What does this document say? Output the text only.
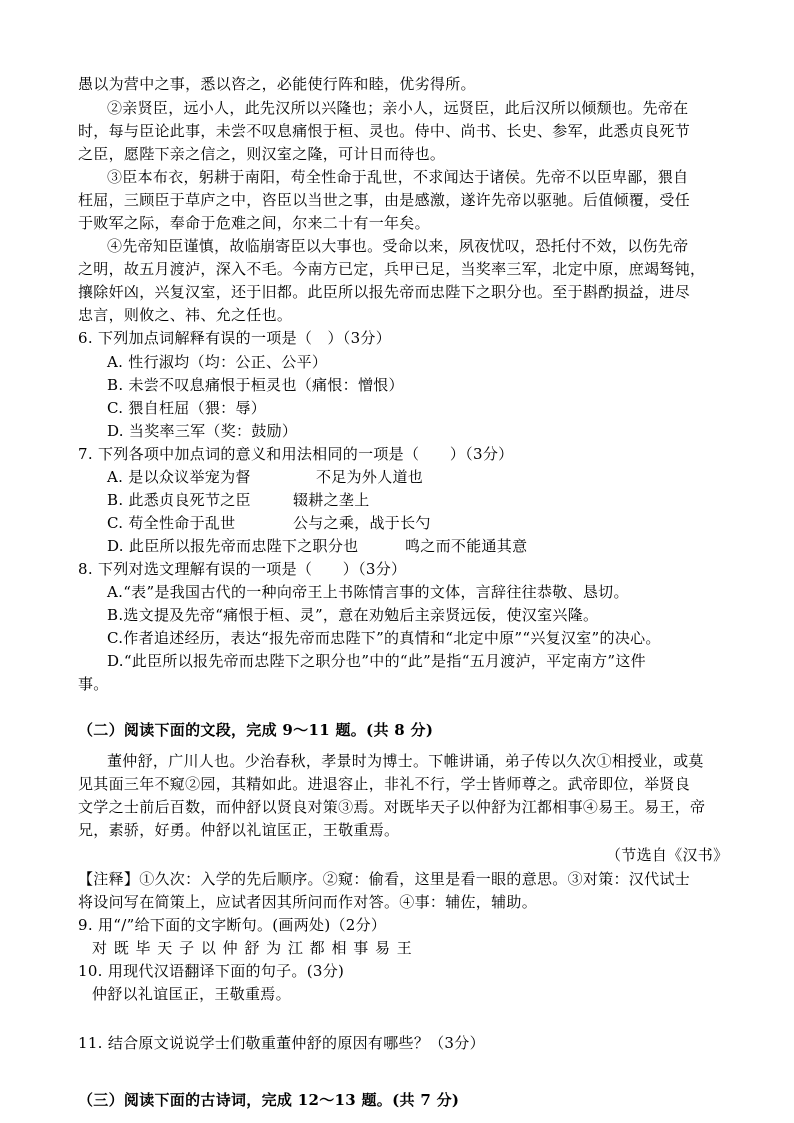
愚以为营中之事，悉以咨之，必能使行阵和睦，优劣得所。
②亲贤臣，远小人，此先汉所以兴隆也；亲小人，远贤臣，此后汉所以倾颓也。先帝在
时，每与臣论此事，未尝不叹息痛恨于桓、灵也。侍中、尚书、长史、参军，此悉贞良死节
之臣，愿陛下亲之信之，则汉室之隆，可计日而待也。
③臣本布衣，躬耕于南阳，苟全性命于乱世，不求闻达于诸侯。先帝不以臣卑鄙，猥自
枉屈，三顾臣于草庐之中，咨臣以当世之事，由是感激，遂许先帝以驱驰。后值倾覆，受任
于败军之际，奉命于危难之间，尔来二十有一年矣。
④先帝知臣谨慎，故临崩寄臣以大事也。受命以来，夙夜忧叹，恐托付不效，以伤先帝
之明，故五月渡泸，深入不毛。今南方已定，兵甲已足，当奖率三军，北定中原，庶竭驽钝，
攘除奸凶，兴复汉室，还于旧都。此臣所以报先帝而忠陛下之职分也。至于斟酌损益，进尽
忠言，则攸之、祎、允之任也。
6. 下列加点词解释有误的一项是（　）（3分）
A. 性行淑均（均：公正、公平）
B. 未尝不叹息痛恨于桓灵也（痛恨：憎恨）
C. 猥自枉屈（猥：辱）
D. 当奖率三军（奖：鼓励）
7. 下列各项中加点词的意义和用法相同的一项是（　　）（3分）
A. 是以众议举宠为督	不足为外人道也
B. 此悉贞良死节之臣	辍耕之垄上
C. 苟全性命于乱世	公与之乘，战于长勺
D. 此臣所以报先帝而忠陛下之职分也	鸣之而不能通其意
8. 下列对选文理解有误的一项是（　　）（3分）
A.“表”是我国古代的一种向帝王上书陈情言事的文体，言辞往往恭敬、恳切。
B.选文提及先帝“痛恨于桓、灵”，意在劝勉后主亲贤远佞，使汉室兴隆。
C.作者追述经历，表达“报先帝而忠陛下”的真情和“北定中原”“兴复汉室”的决心。
D.“此臣所以报先帝而忠陛下之职分也”中的“此”是指“五月渡泸，平定南方”这件
事。
（二）阅读下面的文段，完成 9～11 题。(共 8 分)
董仲舒，广川人也。少治春秋，孝景时为博士。下帷讲诵，弟子传以久次①相授业，或莫
见其面三年不窥②园，其精如此。进退容止，非礼不行，学士皆师尊之。武帝即位，举贤良
文学之士前后百数，而仲舒以贤良对策③焉。对既毕天子以仲舒为江都相事④易王。易王，帝
兄，素骄，好勇。仲舒以礼谊匡正，王敬重焉。
（节选自《汉书》
【注释】①久次：入学的先后顺序。②窥：偷看，这里是看一眼的意思。③对策：汉代试士
将设问写在简策上，应试者因其所问而作对答。④事：辅佐，辅助。
9. 用“/”给下面的文字断句。(画两处)（2分）
对 既 毕 天 子 以 仲 舒 为 江 都 相 事 易 王
10. 用现代汉语翻译下面的句子。(3分)
仲舒以礼谊匡正，王敬重焉。
11. 结合原文说说学士们敬重董仲舒的原因有哪些？（3分）
（三）阅读下面的古诗词，完成 12～13 题。(共 7 分)
